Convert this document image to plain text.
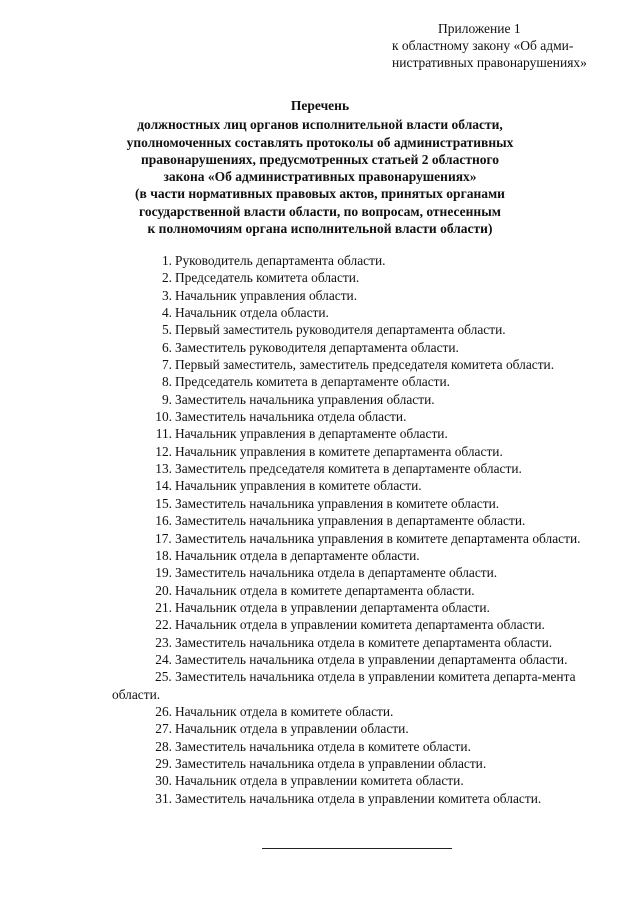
Приложение 1
к областному закону «Об адми-
нистративных правонарушениях»
Перечень
должностных лиц органов исполнительной власти области,
уполномоченных составлять протоколы об административных
правонарушениях, предусмотренных статьей 2 областного
закона «Об административных правонарушениях»
(в части нормативных правовых актов, принятых органами
государственной власти области, по вопросам, отнесенным
к полномочиям органа исполнительной власти области)
1. Руководитель департамента области.
2. Председатель комитета области.
3. Начальник управления области.
4. Начальник отдела области.
5. Первый заместитель руководителя департамента области.
6. Заместитель руководителя департамента области.
7. Первый заместитель, заместитель председателя комитета области.
8. Председатель комитета в департаменте области.
9. Заместитель начальника управления области.
10. Заместитель начальника отдела области.
11. Начальник управления в департаменте области.
12. Начальник управления в комитете департамента области.
13. Заместитель председателя комитета в департаменте области.
14. Начальник управления в комитете области.
15. Заместитель начальника управления в комитете области.
16. Заместитель начальника управления в департаменте области.
17. Заместитель начальника управления в комитете департамента области.
18. Начальник отдела в департаменте области.
19. Заместитель начальника отдела в департаменте области.
20. Начальник отдела в комитете департамента области.
21. Начальник отдела в управлении департамента области.
22. Начальник отдела в управлении комитета департамента области.
23. Заместитель начальника отдела в комитете департамента области.
24. Заместитель начальника отдела в управлении департамента области.
25. Заместитель начальника отдела в управлении комитета департа-мента области.
26. Начальник отдела в комитете области.
27. Начальник отдела в управлении области.
28. Заместитель начальника отдела в комитете области.
29. Заместитель начальника отдела в управлении области.
30. Начальник отдела в управлении комитета области.
31. Заместитель начальника отдела в управлении комитета области.
